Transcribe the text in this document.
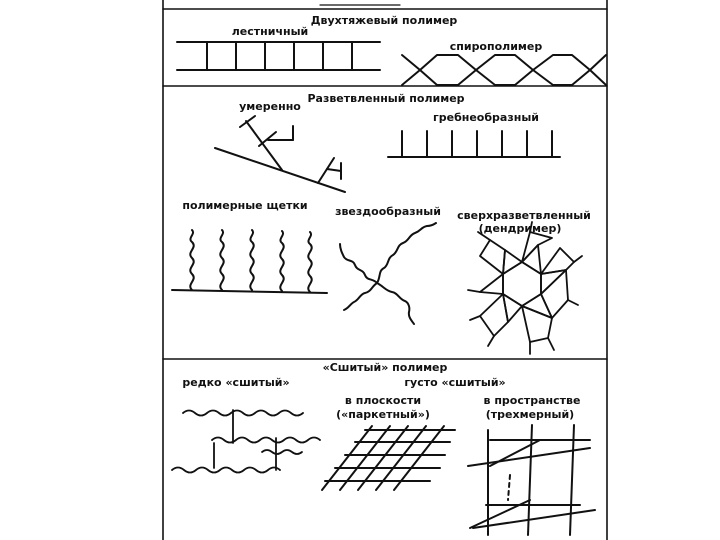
Двухтяжевый полимер
лестничный
спирополимер
Разветвленный полимер
умеренно
гребнеобразный
полимерные щетки звездообразный сверхразветвленный
(дендример)
«Сшитый» полимер
редко «сшитый»	густо «сшитый»
в плоскости
(«паркетный»)
в пространстве
(трехмерный)
